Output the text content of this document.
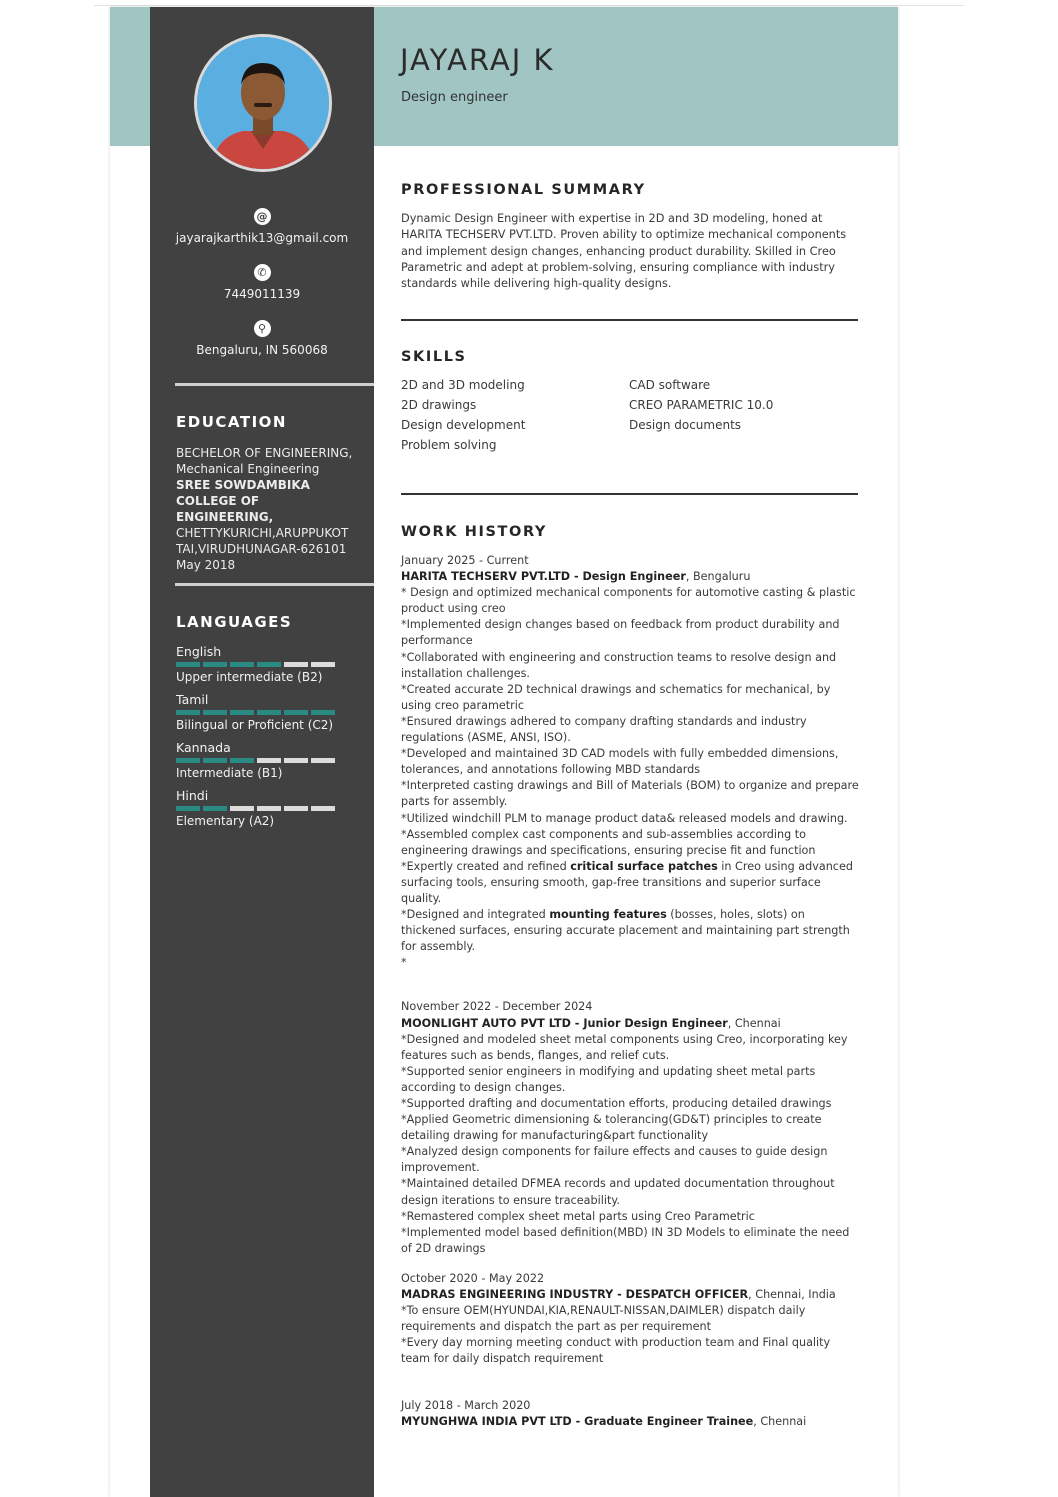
@
jayarajkarthik13@gmail.com
✆
7449011139
⚲
Bengaluru, IN 560068
EDUCATION
BECHELOR OF ENGINEERING,
Mechanical Engineering
SREE SOWDAMBIKA COLLEGE OF ENGINEERING,
CHETTYKURICHI,ARUPPUKOT TAI,VIRUDHUNAGAR-626101
May 2018
LANGUAGES
English
Upper intermediate (B2)
Tamil
Bilingual or Proficient (C2)
Kannada
Intermediate (B1)
Hindi
Elementary (A2)
JAYARAJ K
Design engineer
PROFESSIONAL SUMMARY
Dynamic Design Engineer with expertise in 2D and 3D modeling, honed at HARITA TECHSERV PVT.LTD. Proven ability to optimize mechanical components and implement design changes, enhancing product durability. Skilled in Creo Parametric and adept at problem-solving, ensuring compliance with industry standards while delivering high-quality designs.
SKILLS
2D and 3D modeling	CAD software
2D drawings	CREO PARAMETRIC 10.0
Design development	Design documents
Problem solving
WORK HISTORY
January 2025 - Current
HARITA TECHSERV PVT.LTD - Design Engineer, Bengaluru
* Design and optimized mechanical components for automotive casting & plastic product using creo
*Implemented design changes based on feedback from product durability and performance
*Collaborated with engineering and construction teams to resolve design and installation challenges.
*Created accurate 2D technical drawings and schematics for mechanical, by using creo parametric
*Ensured drawings adhered to company drafting standards and industry regulations (ASME, ANSI, ISO).
*Developed and maintained 3D CAD models with fully embedded dimensions, tolerances, and annotations following MBD standards
*Interpreted casting drawings and Bill of Materials (BOM) to organize and prepare parts for assembly.
*Utilized windchill PLM to manage product data& released models and drawing.
*Assembled complex cast components and sub-assemblies according to engineering drawings and specifications, ensuring precise fit and function
*Expertly created and refined critical surface patches in Creo using advanced surfacing tools, ensuring smooth, gap-free transitions and superior surface quality.
*Designed and integrated mounting features (bosses, holes, slots) on thickened surfaces, ensuring accurate placement and maintaining part strength for assembly.
*
November 2022 - December 2024
MOONLIGHT AUTO PVT LTD - Junior Design Engineer, Chennai
*Designed and modeled sheet metal components using Creo, incorporating key features such as bends, flanges, and relief cuts.
*Supported senior engineers in modifying and updating sheet metal parts according to design changes.
*Supported drafting and documentation efforts, producing detailed drawings
*Applied Geometric dimensioning & tolerancing(GD&T) principles to create detailing drawing for manufacturing&part functionality
*Analyzed design components for failure effects and causes to guide design improvement.
*Maintained detailed DFMEA records and updated documentation throughout design iterations to ensure traceability.
*Remastered complex sheet metal parts using Creo Parametric
*Implemented model based definition(MBD) IN 3D Models to eliminate the need of 2D drawings
October 2020 - May 2022
MADRAS ENGINEERING INDUSTRY - DESPATCH OFFICER, Chennai, India
*To ensure OEM(HYUNDAI,KIA,RENAULT-NISSAN,DAIMLER) dispatch daily requirements and dispatch the part as per requirement
*Every day morning meeting conduct with production team and Final quality team for daily dispatch requirement
July 2018 - March 2020
MYUNGHWA INDIA PVT LTD - Graduate Engineer Trainee, Chennai
